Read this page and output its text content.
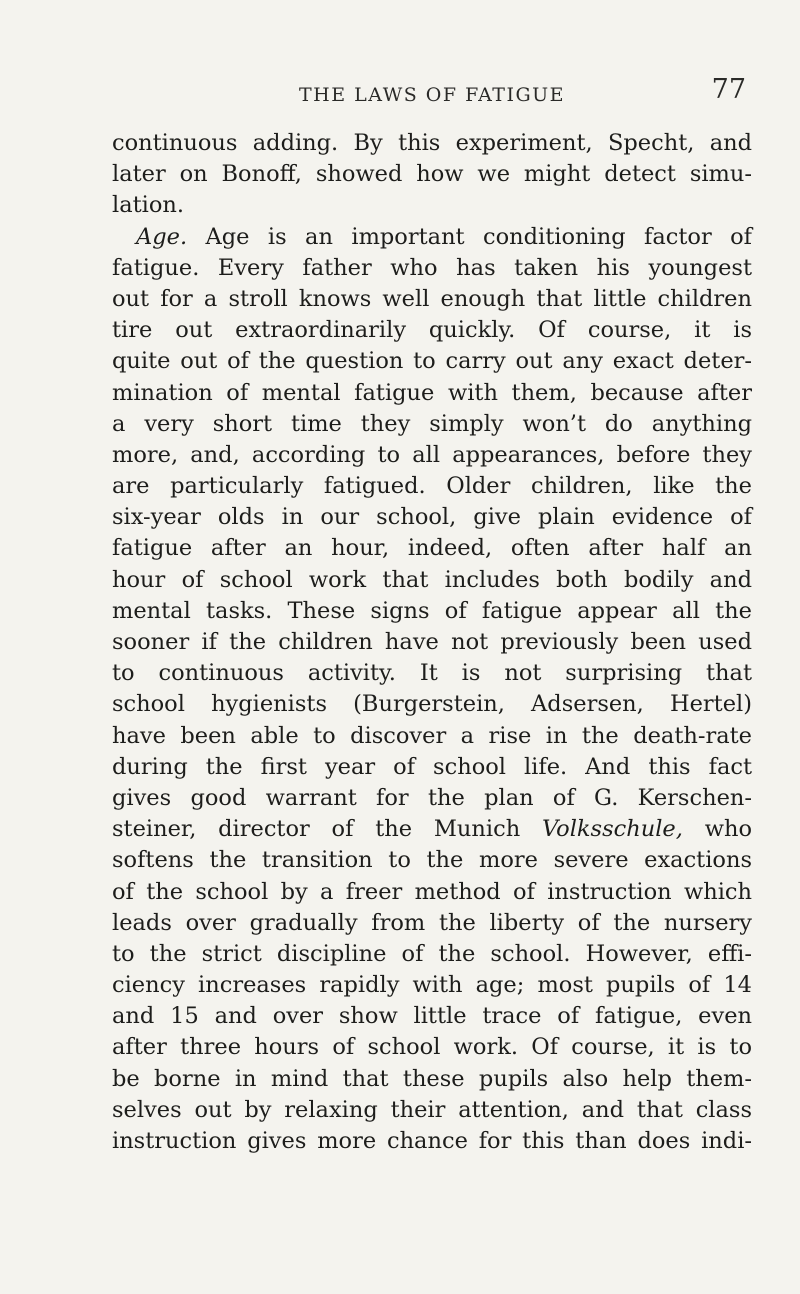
THE LAWS OF FATIGUE	77
continuous adding. By this experiment, Specht, and
later on Bonoff, showed how we might detect simu-
lation.
Age. Age is an important conditioning factor of
fatigue. Every father who has taken his youngest
out for a stroll knows well enough that little children
tire out extraordinarily quickly. Of course, it is
quite out of the question to carry out any exact deter-
mination of mental fatigue with them, because after
a very short time they simply won’t do anything
more, and, according to all appearances, before they
are particularly fatigued. Older children, like the
six-year olds in our school, give plain evidence of
fatigue after an hour, indeed, often after half an
hour of school work that includes both bodily and
mental tasks. These signs of fatigue appear all the
sooner if the children have not previously been used
to continuous activity. It is not surprising that
school hygienists (Burgerstein, Adsersen, Hertel)
have been able to discover a rise in the death-rate
during the first year of school life. And this fact
gives good warrant for the plan of G. Kerschen-
steiner, director of the Munich Volksschule, who
softens the transition to the more severe exactions
of the school by a freer method of instruction which
leads over gradually from the liberty of the nursery
to the strict discipline of the school. However, effi-
ciency increases rapidly with age; most pupils of 14
and 15 and over show little trace of fatigue, even
after three hours of school work. Of course, it is to
be borne in mind that these pupils also help them-
selves out by relaxing their attention, and that class
instruction gives more chance for this than does indi-
